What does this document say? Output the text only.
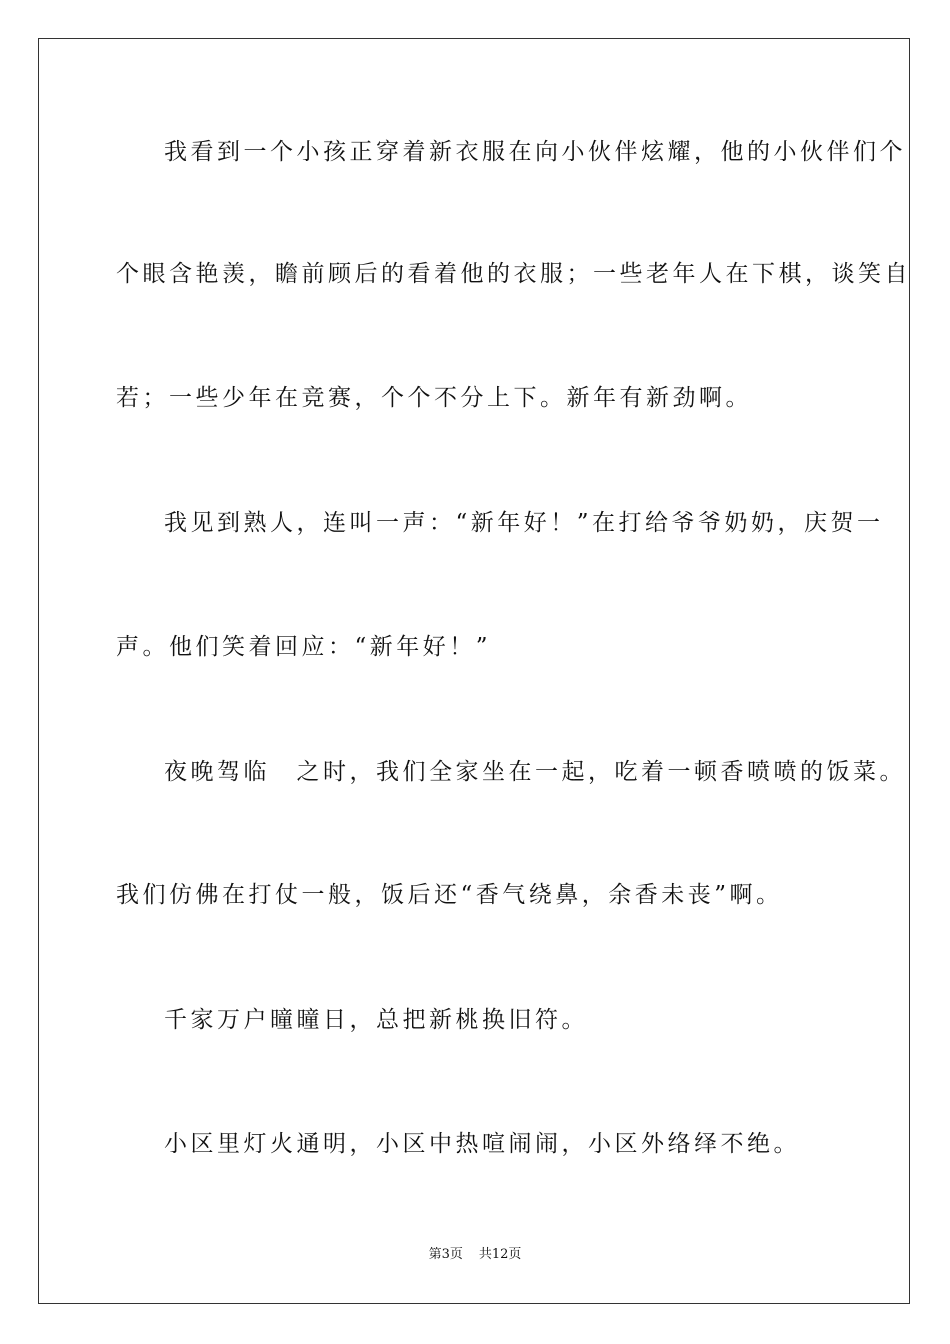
我看到一个小孩正穿着新衣服在向小伙伴炫耀，他的小伙伴们个
个眼含艳羡，瞻前顾后的看着他的衣服；一些老年人在下棋，谈笑自
若；一些少年在竞赛，个个不分上下。新年有新劲啊。
我见到熟人，连叫一声：“新年好！”在打给爷爷奶奶，庆贺一
声。他们笑着回应：“新年好！”
夜晚驾临　之时，我们全家坐在一起，吃着一顿香喷喷的饭菜。
我们仿佛在打仗一般，饭后还“香气绕鼻，余香未丧”啊。
千家万户曈曈日，总把新桃换旧符。
小区里灯火通明，小区中热喧闹闹，小区外络绎不绝。
第3页 共12页
